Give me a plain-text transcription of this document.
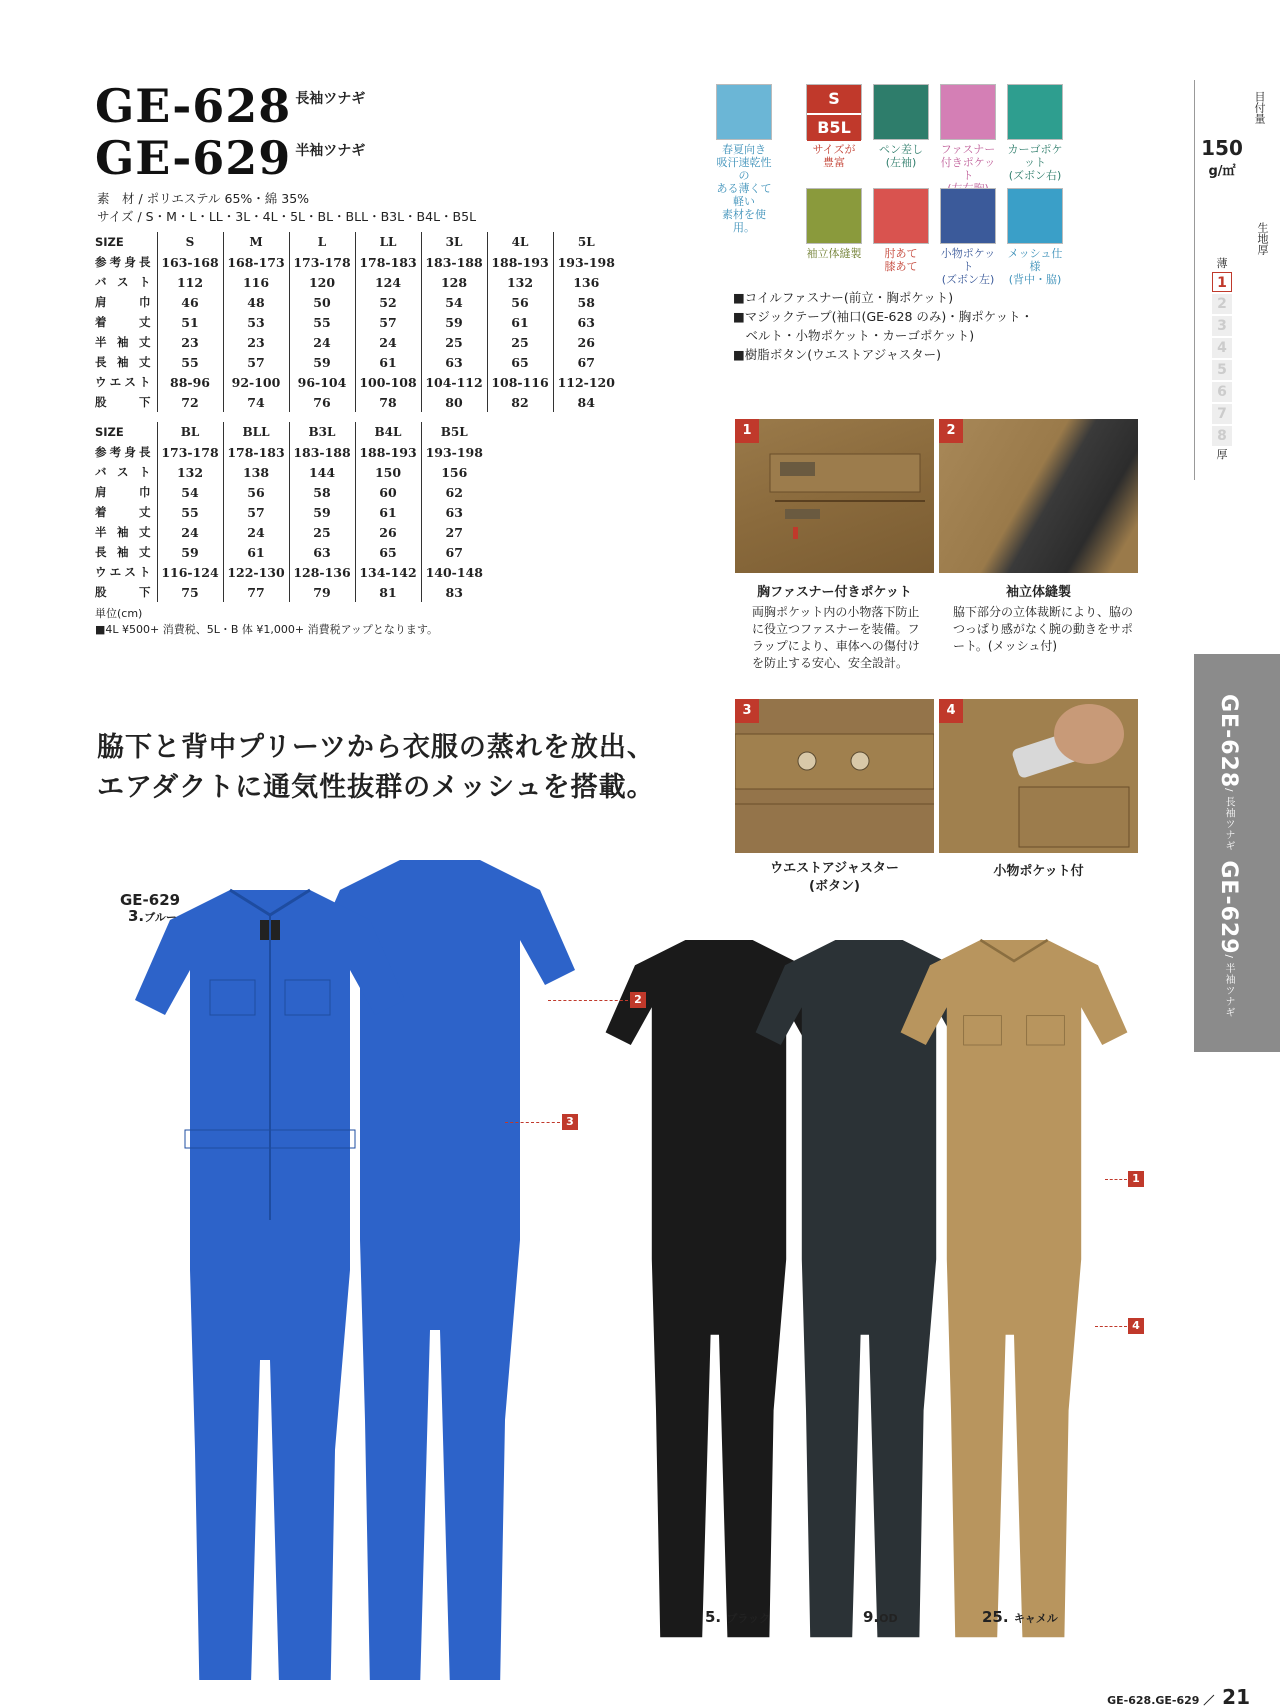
GE-628 長袖ツナギ
GE-629 半袖ツナギ
素　材 / ポリエステル 65%・綿 35%
サイズ / S・M・L・LL・3L・4L・5L・BL・BLL・B3L・B4L・B5L
SIZE	S	M	L	LL	3L	4L	5L
参考身長	163-168	168-173	173-178	178-183	183-188	188-193	193-198
バスト	112	116	120	124	128	132	136
肩 巾	46	48	50	52	54	56	58
着 丈	51	53	55	57	59	61	63
半袖丈	23	23	24	24	25	25	26
長袖丈	55	57	59	61	63	65	67
ウエスト	88-96	92-100	96-104	100-108	104-112	108-116	112-120
股 下	72	74	76	78	80	82	84
SIZE	BL	BLL	B3L	B4L	B5L
参考身長	173-178	178-183	183-188	188-193	193-198
バスト	132	138	144	150	156
肩 巾	54	56	58	60	62
着 丈	55	57	59	61	63
半袖丈	24	24	25	26	27
長袖丈	59	61	63	65	67
ウエスト	116-124	122-130	128-136	134-142	140-148
股 下	75	77	79	81	83
単位(cm)
■4L ¥500+ 消費税、5L・B 体 ¥1,000+ 消費税アップとなります。
脇下と背中プリーツから衣服の蒸れを放出、
エアダクトに通気性抜群のメッシュを搭載。
春夏向き
吸汗速乾性の
ある薄くて軽い
素材を使用。
S
B5L
サイズが
豊富
ペン差し
(左袖)
ファスナー
付きポケット

カーゴポケット
(ズボン右)
袖立体縫製	肘あて
膝あて
小物ポケット
(ズボン左)
メッシュ仕様
(背中・脇)
■コイルファスナー(前立・胸ポケット)
■マジックテープ(袖口(GE-628 のみ)・胸ポケット・
　ベルト・小物ポケット・カーゴポケット)
■樹脂ボタン(ウエストアジャスター)
1
胸ファスナー付きポケット
両胸ポケット内の小物落下防止に役立つファスナーを装備。フラップにより、車体への傷付けを防止する安心、安全設計。
2
袖立体縫製
脇下部分の立体裁断により、脇のつっぱり感がなく腕の動きをサポート。(メッシュ付)
3
ウエストアジャスター
(ボタン)
4
小物ポケット付
目付量
150
g/㎡
生地厚
薄
1
2
3
4
5
6
7
8
厚
GE-628/ 長袖ツナギ GE-629/ 半袖ツナギ
GE-629
3.ブルー
5. ブラック	9.OD	25. キャメル
2
3
1
4
GE-628.GE-629 ／ 21
